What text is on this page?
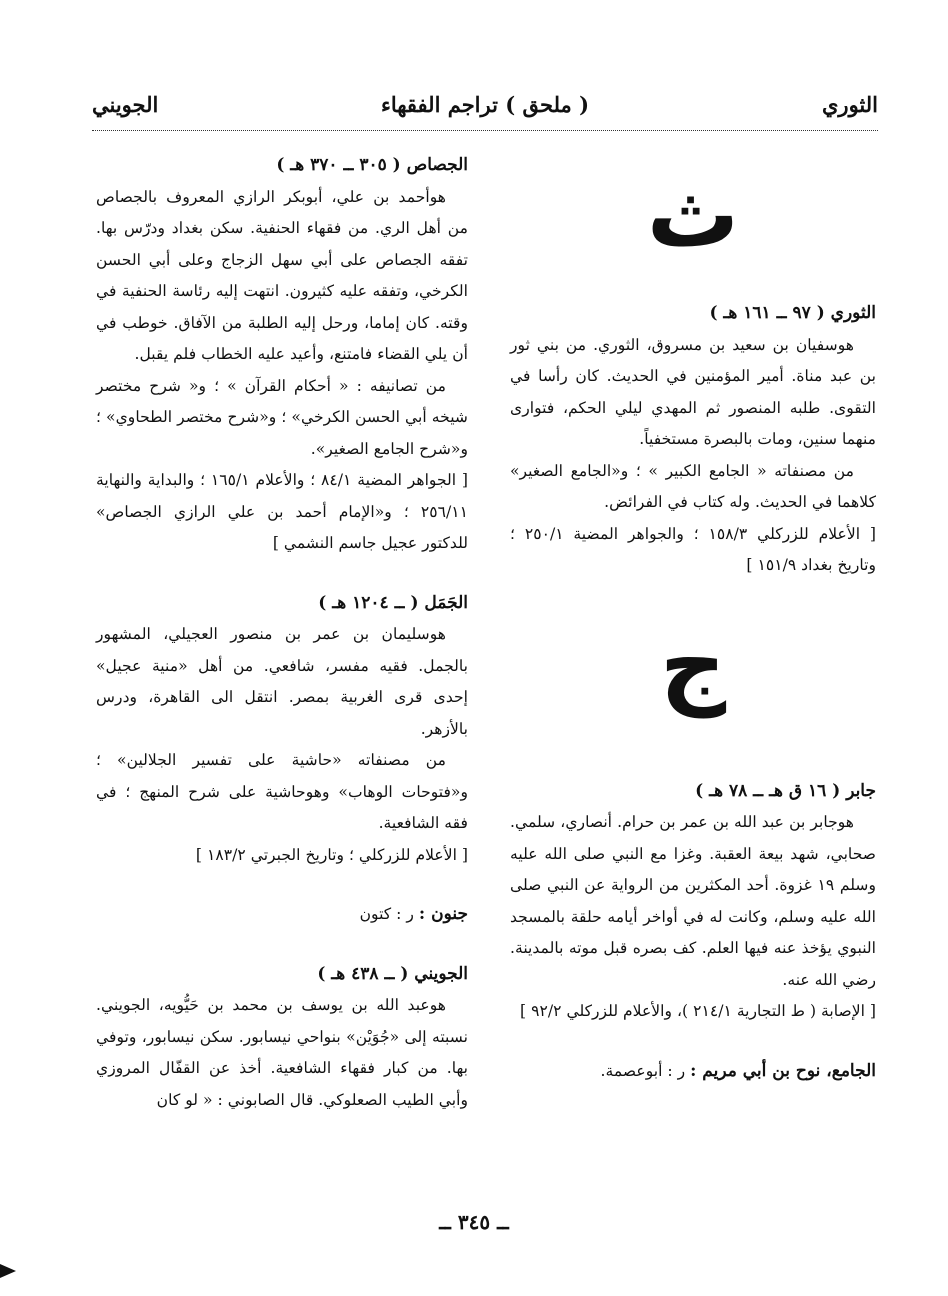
الثوري
( ملحق ) تراجم الفقهاء
الجويني

ث

الثوري ( ٩٧ ــ ١٦١ هـ )

هوسفيان بن سعيد بن مسروق، الثوري. من بني ثور بن عبد مناة. أمير المؤمنين في الحديث. كان رأسا في التقوى. طلبه المنصور ثم المهدي ليلي الحكم، فتوارى منهما سنين، ومات بالبصرة مستخفياً.

من مصنفاته « الجامع الكبير » ؛ و«الجامع الصغير» كلاهما في الحديث. وله كتاب في الفرائض.

[ الأعلام للزركلي ١٥٨/٣ ؛ والجواهر المضية ٢٥٠/١ ؛ وتاريخ بغداد ١٥١/٩ ]

ج

جابر ( ١٦ ق هـ ــ ٧٨ هـ )

هوجابر بن عبد الله بن عمر بن حرام. أنصاري، سلمي. صحابي، شهد بيعة العقبة. وغزا مع النبي صلى الله عليه وسلم ١٩ غزوة. أحد المكثرين من الرواية عن النبي صلى الله عليه وسلم، وكانت له في أواخر أيامه حلقة بالمسجد النبوي يؤخذ عنه فيها العلم. كف بصره قبل موته بالمدينة. رضي الله عنه.

[ الإصابة ( ط التجارية ٢١٤/١ )، والأعلام للزركلي ٩٢/٢ ]

الجامع، نوح بن أبي مريم : ر : أبوعصمة.

الجصاص ( ٣٠٥ ــ ٣٧٠ هـ )

هوأحمد بن علي، أبوبكر الرازي المعروف بالجصاص من أهل الري. من فقهاء الحنفية. سكن بغداد ودرّس بها. تفقه الجصاص على أبي سهل الزجاج وعلى أبي الحسن الكرخي، وتفقه عليه كثيرون. انتهت إليه رئاسة الحنفية في وقته. كان إماما، ورحل إليه الطلبة من الآفاق. خوطب في أن يلي القضاء فامتنع، وأعيد عليه الخطاب فلم يقبل.

من تصانيفه : « أحكام القرآن » ؛ و« شرح مختصر شيخه أبي الحسن الكرخي» ؛ و«شرح مختصر الطحاوي» ؛ و«شرح الجامع الصغير».

[ الجواهر المضية ٨٤/١ ؛ والأعلام ١٦٥/١ ؛ والبداية والنهاية ٢٥٦/١١ ؛ و«الإمام أحمد بن علي الرازي الجصاص» للدكتور عجيل جاسم النشمي ]

الجَمَل ( ــ ١٢٠٤ هـ )

هوسليمان بن عمر بن منصور العجيلي، المشهور بالجمل. فقيه مفسر، شافعي. من أهل «منية عجيل» إحدى قرى الغربية بمصر. انتقل الى القاهرة، ودرس بالأزهر.

من مصنفاته «حاشية على تفسير الجلالين» ؛ و«فتوحات الوهاب» وهوحاشية على شرح المنهج ؛ في فقه الشافعية.

[ الأعلام للزركلي ؛ وتاريخ الجبرتي ١٨٣/٢ ]

جنون : ر : كتون

الجويني ( ــ ٤٣٨ هـ )

هوعبد الله بن يوسف بن محمد بن حَيُّويه، الجويني. نسبته إلى «جُوَيْن» بنواحي نيسابور. سكن نيسابور، وتوفي بها. من كبار فقهاء الشافعية. أخذ عن القفّال المروزي وأبي الطيب الصعلوكي. قال الصابوني : « لو كان

ــ ٣٤٥ ــ
